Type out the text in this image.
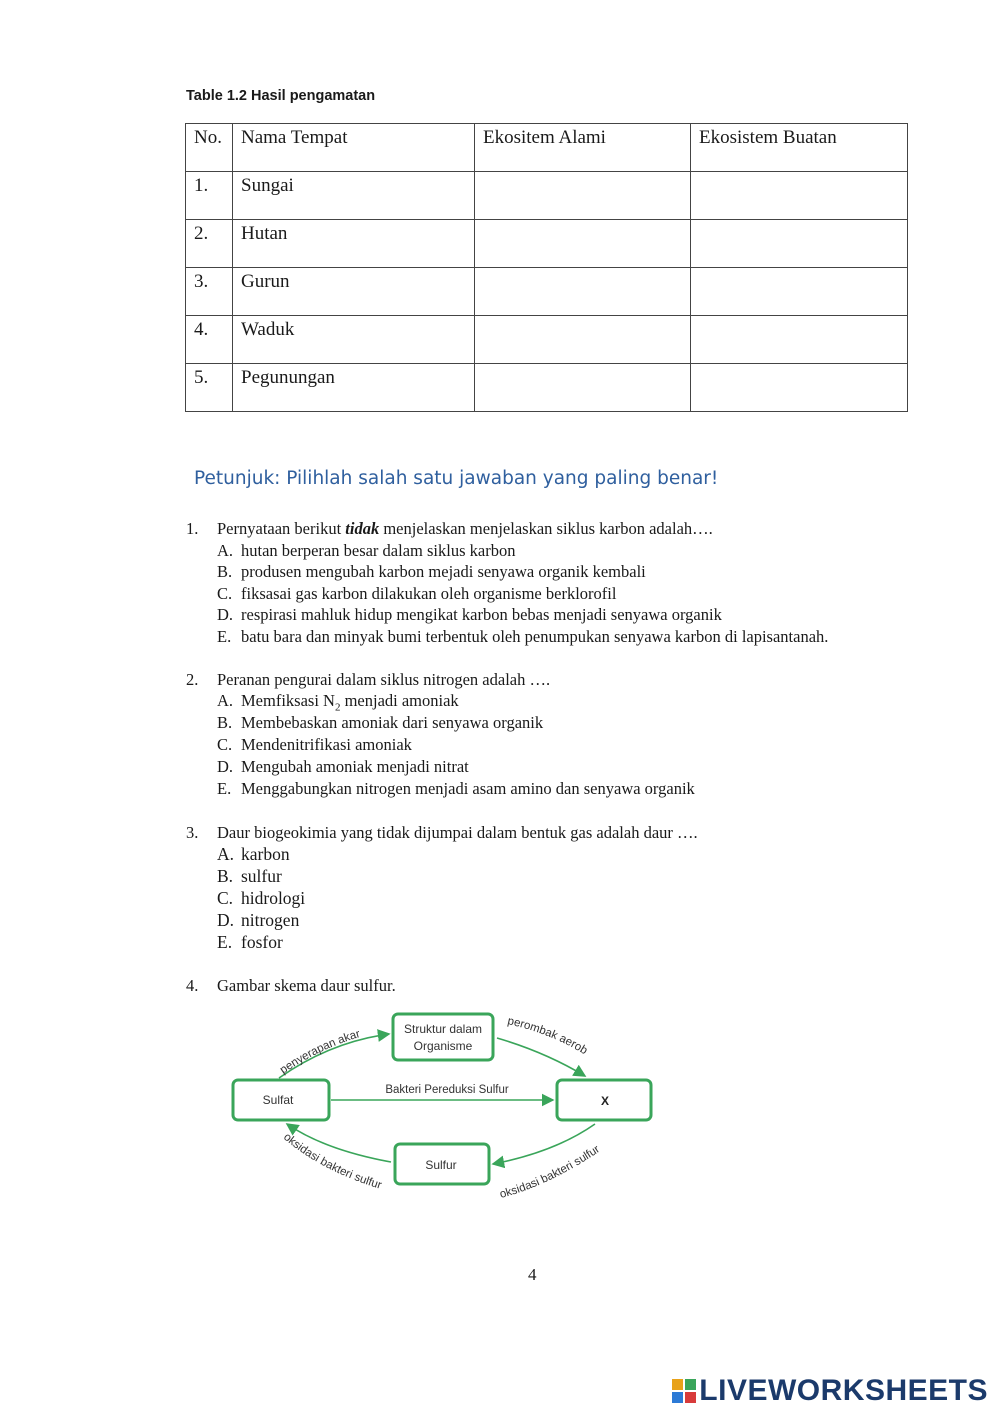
Table 1.2 Hasil pengamatan
No.	Nama Tempat	Ekositem Alami	Ekosistem Buatan
1.	Sungai		
2.	Hutan		
3.	Gurun		
4.	Waduk		
5.	Pegunungan		
Petunjuk: Pilihlah salah satu jawaban yang paling benar!
1. Pernyataan berikut tidak menjelaskan menjelaskan siklus karbon adalah….
A. hutan berperan besar dalam siklus karbon
B. produsen mengubah karbon mejadi senyawa organik kembali
C. fiksasai gas karbon dilakukan oleh organisme berklorofil
D. respirasi mahluk hidup mengikat karbon bebas menjadi senyawa organik
E. batu bara dan minyak bumi terbentuk oleh penumpukan senyawa karbon di lapisantanah.
2. Peranan pengurai dalam siklus nitrogen adalah ….
A. Memfiksasi $N_2$ menjadi amoniak
B. Membebaskan amoniak dari senyawa organik
C. Mendenitrifikasi amoniak
D. Mengubah amoniak menjadi nitrat
E. Menggabungkan nitrogen menjadi asam amino dan senyawa organik
3. Daur biogeokimia yang tidak dijumpai dalam bentuk gas adalah daur ….
A. karbon
B. sulfur
C. hidrologi
D. nitrogen
E. fosfor
4. Gambar skema daur sulfur.
Struktur dalam
Organisme
Sulfat	X
Sulfur
penyerapan akar
perombak aerob
Bakteri Pereduksi Sulfur
oksidasi bakteri sulfur
oksidasi bakteri sulfur
4
LIVEWORKSHEETS
